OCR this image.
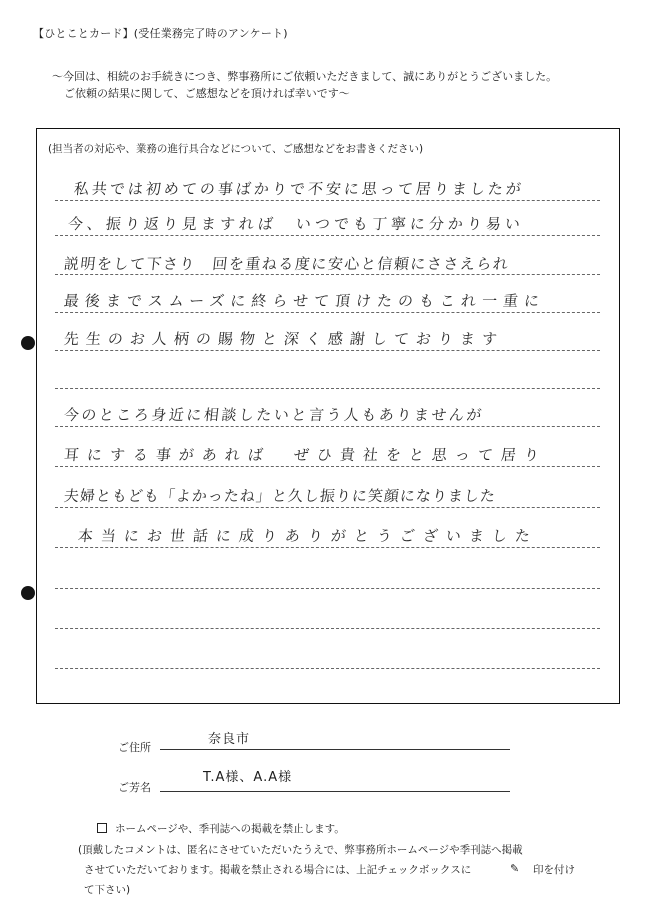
【ひとことカード】(受任業務完了時のアンケート)
〜今回は、相続のお手続きにつき、弊事務所にご依頼いただきまして、誠にありがとうございました。
ご依頼の結果に関して、ご感想などを頂ければ幸いです〜
(担当者の対応や、業務の進行具合などについて、ご感想などをお書きください)
私共では初めての事ばかりで不安に思って居りましたが
今、振り返り見ますれば　いつでも丁寧に分かり易い
説明をして下さり　回を重ねる度に安心と信頼にささえられ
最後までスムーズに終らせて頂けたのもこれ一重に
先生のお人柄の賜物と深く感謝しております
今のところ身近に相談したいと言う人もありませんが
耳にする事があれば　ぜひ貴社をと思って居り
夫婦ともども「よかったね」と久し振りに笑顔になりました
本当にお世話に成りありがとうございました
ご住所
奈良市
ご芳名
T.A様、A.A様
ホームページや、季刊誌への掲載を禁止します。
(頂戴したコメントは、匿名にさせていただいたうえで、弊事務所ホームページや季刊誌へ掲載
させていただいております。掲載を禁止される場合には、上記チェックボックスに	✎ 印を付け
て下さい)
